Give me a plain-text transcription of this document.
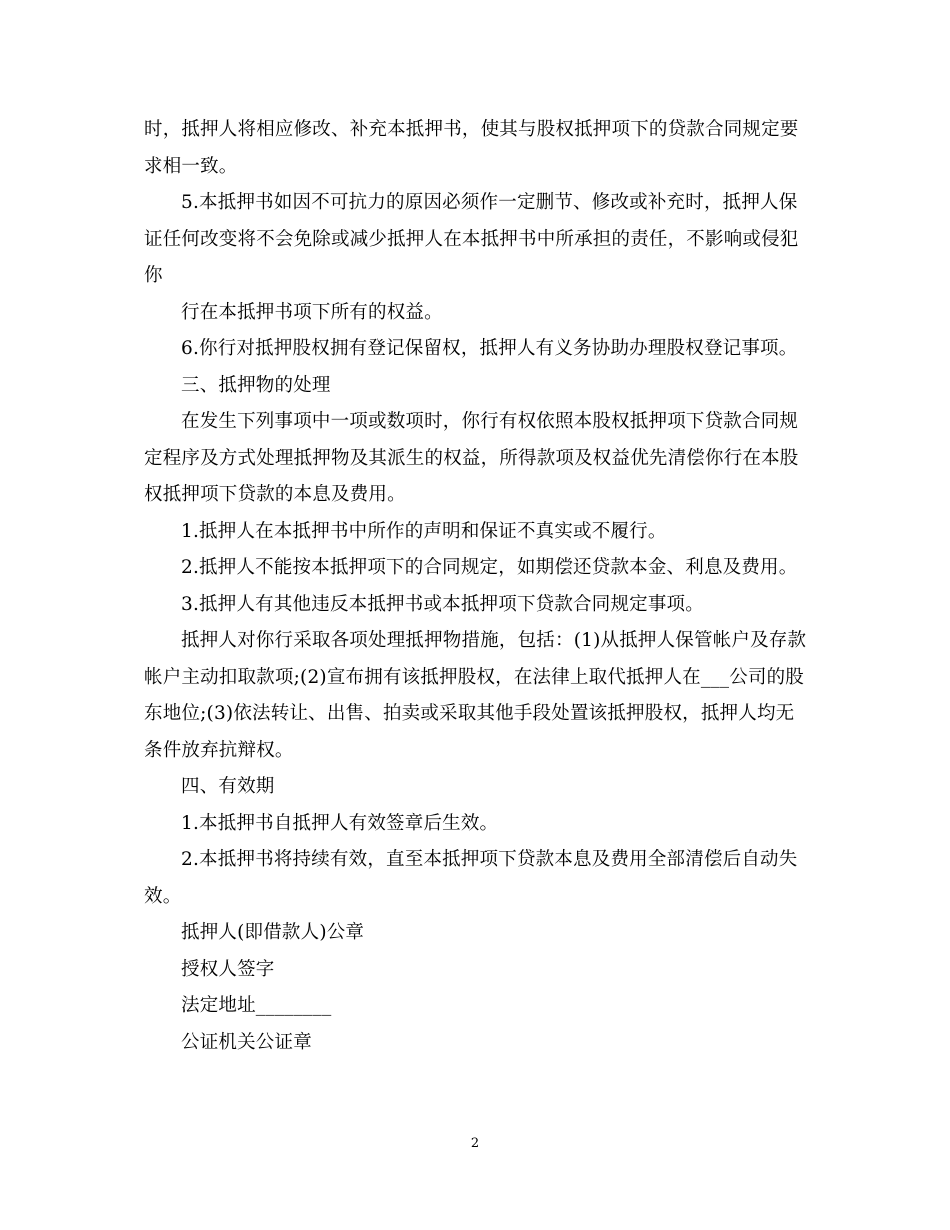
时，抵押人将相应修改、补充本抵押书，使其与股权抵押项下的贷款合同规定要
求相一致。
5.本抵押书如因不可抗力的原因必须作一定删节、修改或补充时，抵押人保
证任何改变将不会免除或减少抵押人在本抵押书中所承担的责任，不影响或侵犯
你
行在本抵押书项下所有的权益。
6.你行对抵押股权拥有登记保留权，抵押人有义务协助办理股权登记事项。
三、抵押物的处理
在发生下列事项中一项或数项时，你行有权依照本股权抵押项下贷款合同规
定程序及方式处理抵押物及其派生的权益，所得款项及权益优先清偿你行在本股
权抵押项下贷款的本息及费用。
1.抵押人在本抵押书中所作的声明和保证不真实或不履行。
2.抵押人不能按本抵押项下的合同规定，如期偿还贷款本金、利息及费用。
3.抵押人有其他违反本抵押书或本抵押项下贷款合同规定事项。
抵押人对你行采取各项处理抵押物措施，包括：(1)从抵押人保管帐户及存款
帐户主动扣取款项;(2)宣布拥有该抵押股权，在法律上取代抵押人在___公司的股
东地位;(3)依法转让、出售、拍卖或采取其他手段处置该抵押股权，抵押人均无
条件放弃抗辩权。
四、有效期
1.本抵押书自抵押人有效签章后生效。
2.本抵押书将持续有效，直至本抵押项下贷款本息及费用全部清偿后自动失
效。
抵押人(即借款人)公章
授权人签字
法定地址________
公证机关公证章
2
